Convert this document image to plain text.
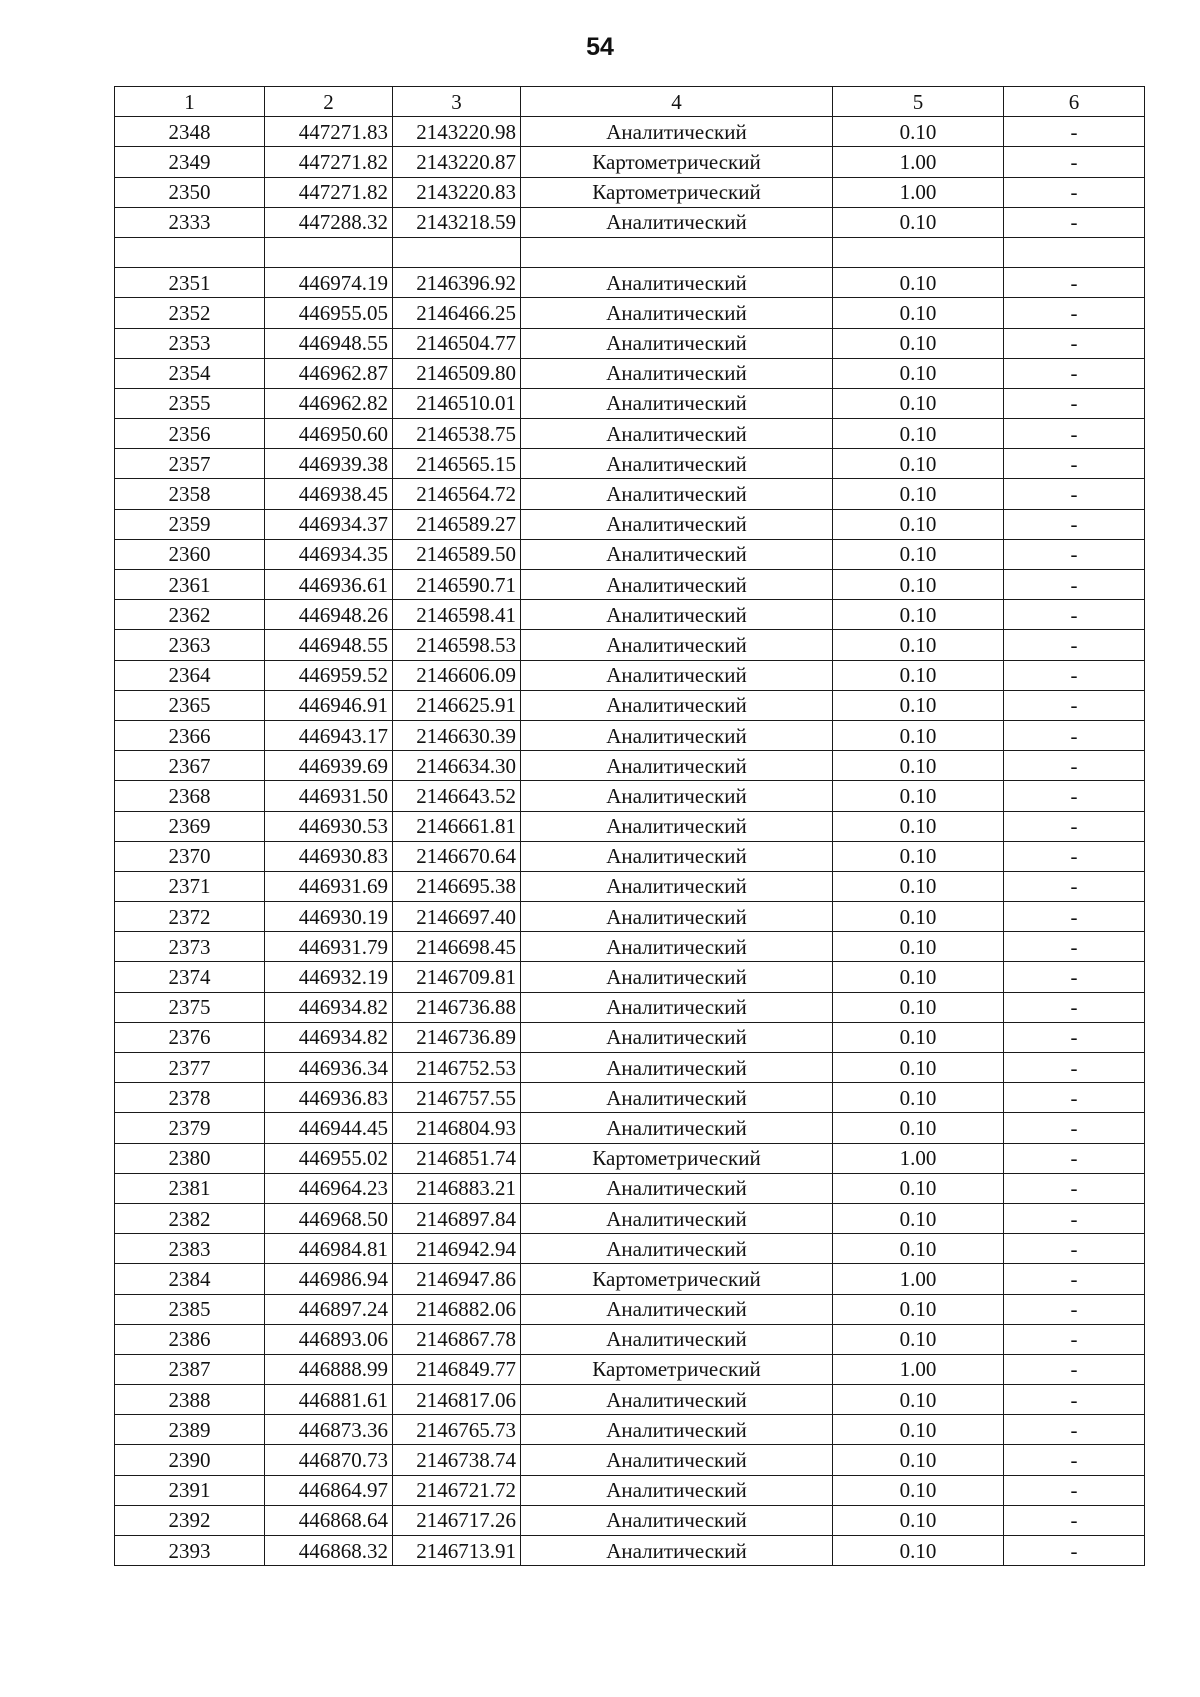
54
1	2	3	4	5	6
2348	447271.83	2143220.98	Аналитический	0.10	-
2349	447271.82	2143220.87	Картометрический	1.00	-
2350	447271.82	2143220.83	Картометрический	1.00	-
2333	447288.32	2143218.59	Аналитический	0.10	-

2351	446974.19	2146396.92	Аналитический	0.10	-
2352	446955.05	2146466.25	Аналитический	0.10	-
2353	446948.55	2146504.77	Аналитический	0.10	-
2354	446962.87	2146509.80	Аналитический	0.10	-
2355	446962.82	2146510.01	Аналитический	0.10	-
2356	446950.60	2146538.75	Аналитический	0.10	-
2357	446939.38	2146565.15	Аналитический	0.10	-
2358	446938.45	2146564.72	Аналитический	0.10	-
2359	446934.37	2146589.27	Аналитический	0.10	-
2360	446934.35	2146589.50	Аналитический	0.10	-
2361	446936.61	2146590.71	Аналитический	0.10	-
2362	446948.26	2146598.41	Аналитический	0.10	-
2363	446948.55	2146598.53	Аналитический	0.10	-
2364	446959.52	2146606.09	Аналитический	0.10	-
2365	446946.91	2146625.91	Аналитический	0.10	-
2366	446943.17	2146630.39	Аналитический	0.10	-
2367	446939.69	2146634.30	Аналитический	0.10	-
2368	446931.50	2146643.52	Аналитический	0.10	-
2369	446930.53	2146661.81	Аналитический	0.10	-
2370	446930.83	2146670.64	Аналитический	0.10	-
2371	446931.69	2146695.38	Аналитический	0.10	-
2372	446930.19	2146697.40	Аналитический	0.10	-
2373	446931.79	2146698.45	Аналитический	0.10	-
2374	446932.19	2146709.81	Аналитический	0.10	-
2375	446934.82	2146736.88	Аналитический	0.10	-
2376	446934.82	2146736.89	Аналитический	0.10	-
2377	446936.34	2146752.53	Аналитический	0.10	-
2378	446936.83	2146757.55	Аналитический	0.10	-
2379	446944.45	2146804.93	Аналитический	0.10	-
2380	446955.02	2146851.74	Картометрический	1.00	-
2381	446964.23	2146883.21	Аналитический	0.10	-
2382	446968.50	2146897.84	Аналитический	0.10	-
2383	446984.81	2146942.94	Аналитический	0.10	-
2384	446986.94	2146947.86	Картометрический	1.00	-
2385	446897.24	2146882.06	Аналитический	0.10	-
2386	446893.06	2146867.78	Аналитический	0.10	-
2387	446888.99	2146849.77	Картометрический	1.00	-
2388	446881.61	2146817.06	Аналитический	0.10	-
2389	446873.36	2146765.73	Аналитический	0.10	-
2390	446870.73	2146738.74	Аналитический	0.10	-
2391	446864.97	2146721.72	Аналитический	0.10	-
2392	446868.64	2146717.26	Аналитический	0.10	-
2393	446868.32	2146713.91	Аналитический	0.10	-
